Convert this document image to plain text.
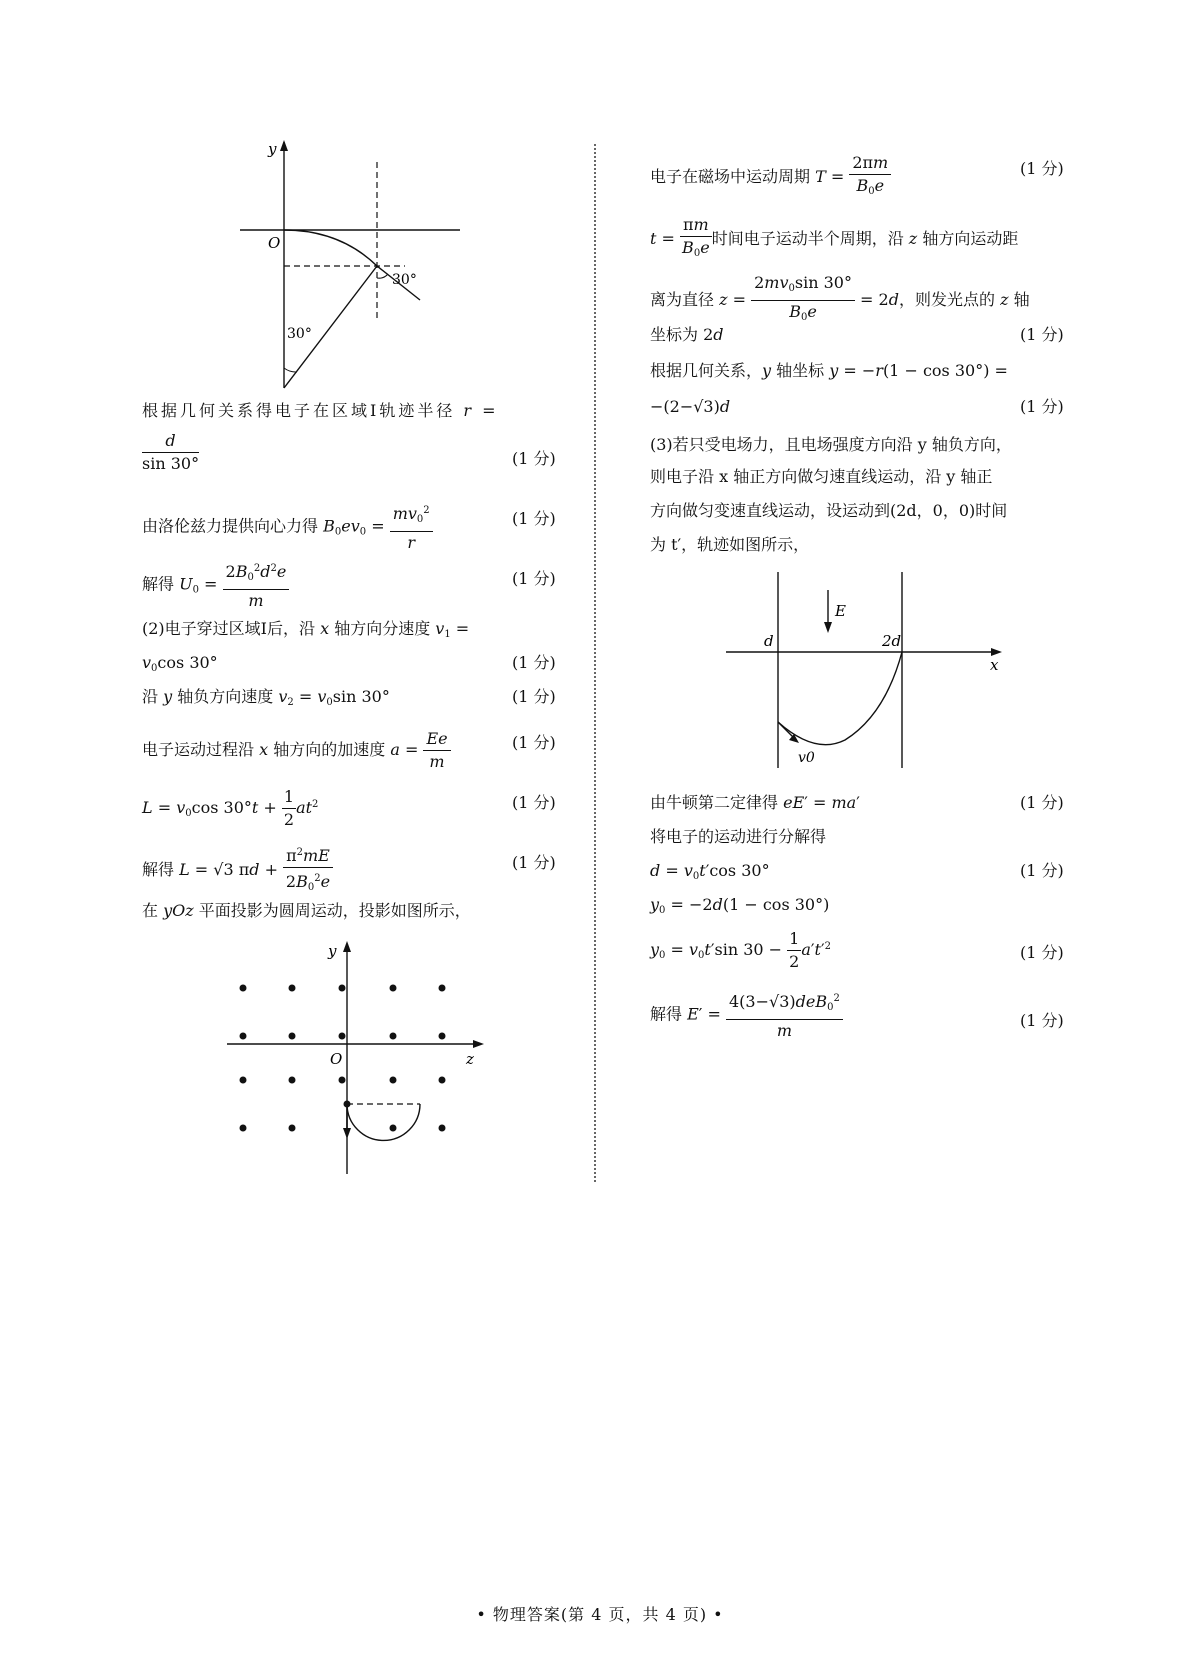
y
O
30°
30°
根据几何关系得电子在区域Ⅰ轨迹半径 r =
$\frac{d}{\sin 30^\circ}$	(1 分)
由洛伦兹力提供向心力得 $B_0ev_0 = \frac{mv_0^2}{r}$	(1 分)
解得 $U_0 = \frac{2B_0^2d^2e}{m}$	(1 分)
(2)电子穿过区域Ⅰ后，沿 x 轴方向分速度 $v_1$ =
$v_0\cos$ 30°	(1 分)
沿 y 轴负方向速度 $v_2 = v_0\sin$ 30°	(1 分)
电子运动过程沿 x 轴方向的加速度 $a = \frac{Ee}{m}$	(1 分)
$L = v_0\cos$ $30^\circ t + \frac{1}{2} at^2$	(1 分)
解得 L = √3 $\pi d + \frac{\pi^2mE}{2B_0^2e}$	(1 分)
在 yOz 平面投影为圆周运动，投影如图所示，
y
O	z
电子在磁场中运动周期 $T = \frac{2\pi m}{B_0e}$	(1 分)
$t = \frac{\pi m}{B_0e}$ 时间电子运动半个周期，沿 z 轴方向运动距
离为直径 $z = \frac{2mv_0\sin 30^\circ}{B_0e} = 2d$，则发光点的 z 轴
坐标为 2d	(1 分)
根据几何关系，y 轴坐标 y = −r(1 − cos 30°) =
−(2−√3)d	(1 分)
(3)若只受电场力，且电场强度方向沿 y 轴负方向，
则电子沿 x 轴正方向做匀速直线运动，沿 y 轴正
方向做匀变速直线运动，设运动到(2d，0，0)时间
为 t′，轨迹如图所示，
d	2d
x
E
v0
由牛顿第二定律得 eE′ = ma′	(1 分)
将电子的运动进行分解得
$d = v_0t'\cos$ 30°	(1 分)
$y_0 = -2d(1 - \cos 30^\circ)$
$y_0 = v_0t'\sin$ $30 - \frac{1}{2} a't'^2$	(1 分)
解得 E′ =
4(3−√3)deB$_0^2$
m
(1 分)
• 物理答案(第 4 页，共 4 页) •
